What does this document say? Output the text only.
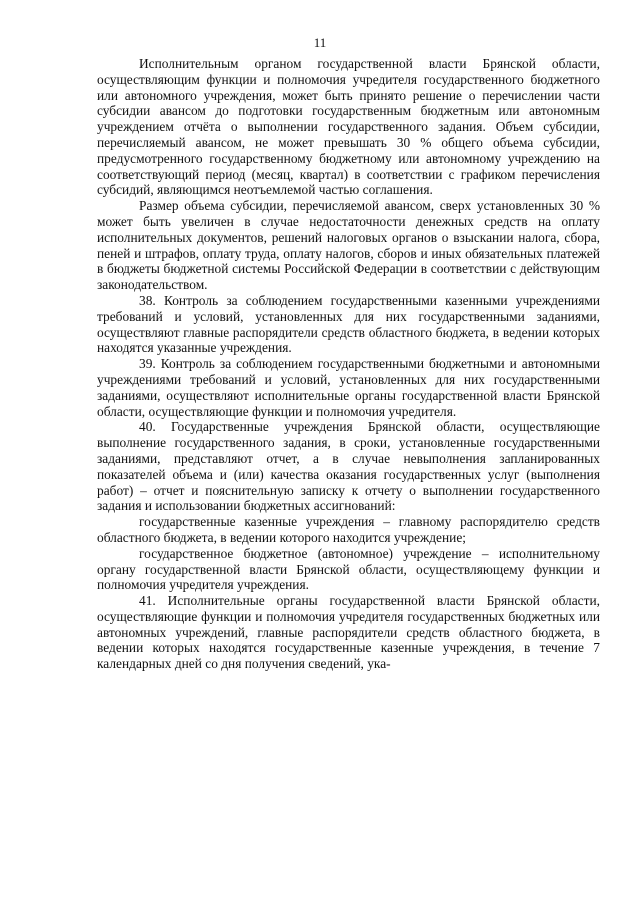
11

Исполнительным органом государственной власти Брянской области, осуществляющим функции и полномочия учредителя государственного бюджетного или автономного учреждения, может быть принято решение о перечислении части субсидии авансом до подготовки государственным бюджетным или автономным учреждением отчёта о выполнении государственного задания. Объем субсидии, перечисляемый авансом, не может превышать 30 % общего объема субсидии, предусмотренного государственному бюджетному или автономному учреждению на соответствующий период (месяц, квартал) в соответствии с графиком перечисления субсидий, являющимся неотъемлемой частью соглашения.

Размер объема субсидии, перечисляемой авансом, сверх установленных 30 % может быть увеличен в случае недостаточности денежных средств на оплату исполнительных документов, решений налоговых органов о взыскании налога, сбора, пеней и штрафов, оплату труда, оплату налогов, сборов и иных обязательных платежей в бюджеты бюджетной системы Российской Федерации в соответствии с действующим законодательством.

38. Контроль за соблюдением государственными казенными учреждениями требований и условий, установленных для них государственными заданиями, осуществляют главные распорядители средств областного бюджета, в ведении которых находятся указанные учреждения.

39. Контроль за соблюдением государственными бюджетными и автономными учреждениями требований и условий, установленных для них государственными заданиями, осуществляют исполнительные органы государственной власти Брянской области, осуществляющие функции и полномочия учредителя.

40. Государственные учреждения Брянской области, осуществляющие выполнение государственного задания, в сроки, установленные государственными заданиями, представляют отчет, а в случае невыполнения запланированных показателей объема и (или) качества оказания государственных услуг (выполнения работ) – отчет и пояснительную записку к отчету о выполнении государственного задания и использовании бюджетных ассигнований:

государственные казенные учреждения – главному распорядителю средств областного бюджета, в ведении которого находится учреждение;

государственное бюджетное (автономное) учреждение – исполнительному органу государственной власти Брянской области, осуществляющему функции и полномочия учредителя учреждения.

41. Исполнительные органы государственной власти Брянской области, осуществляющие функции и полномочия учредителя государственных бюджетных или автономных учреждений, главные распорядители средств областного бюджета, в ведении которых находятся государственные казенные учреждения, в течение 7 календарных дней со дня получения сведений, ука-
